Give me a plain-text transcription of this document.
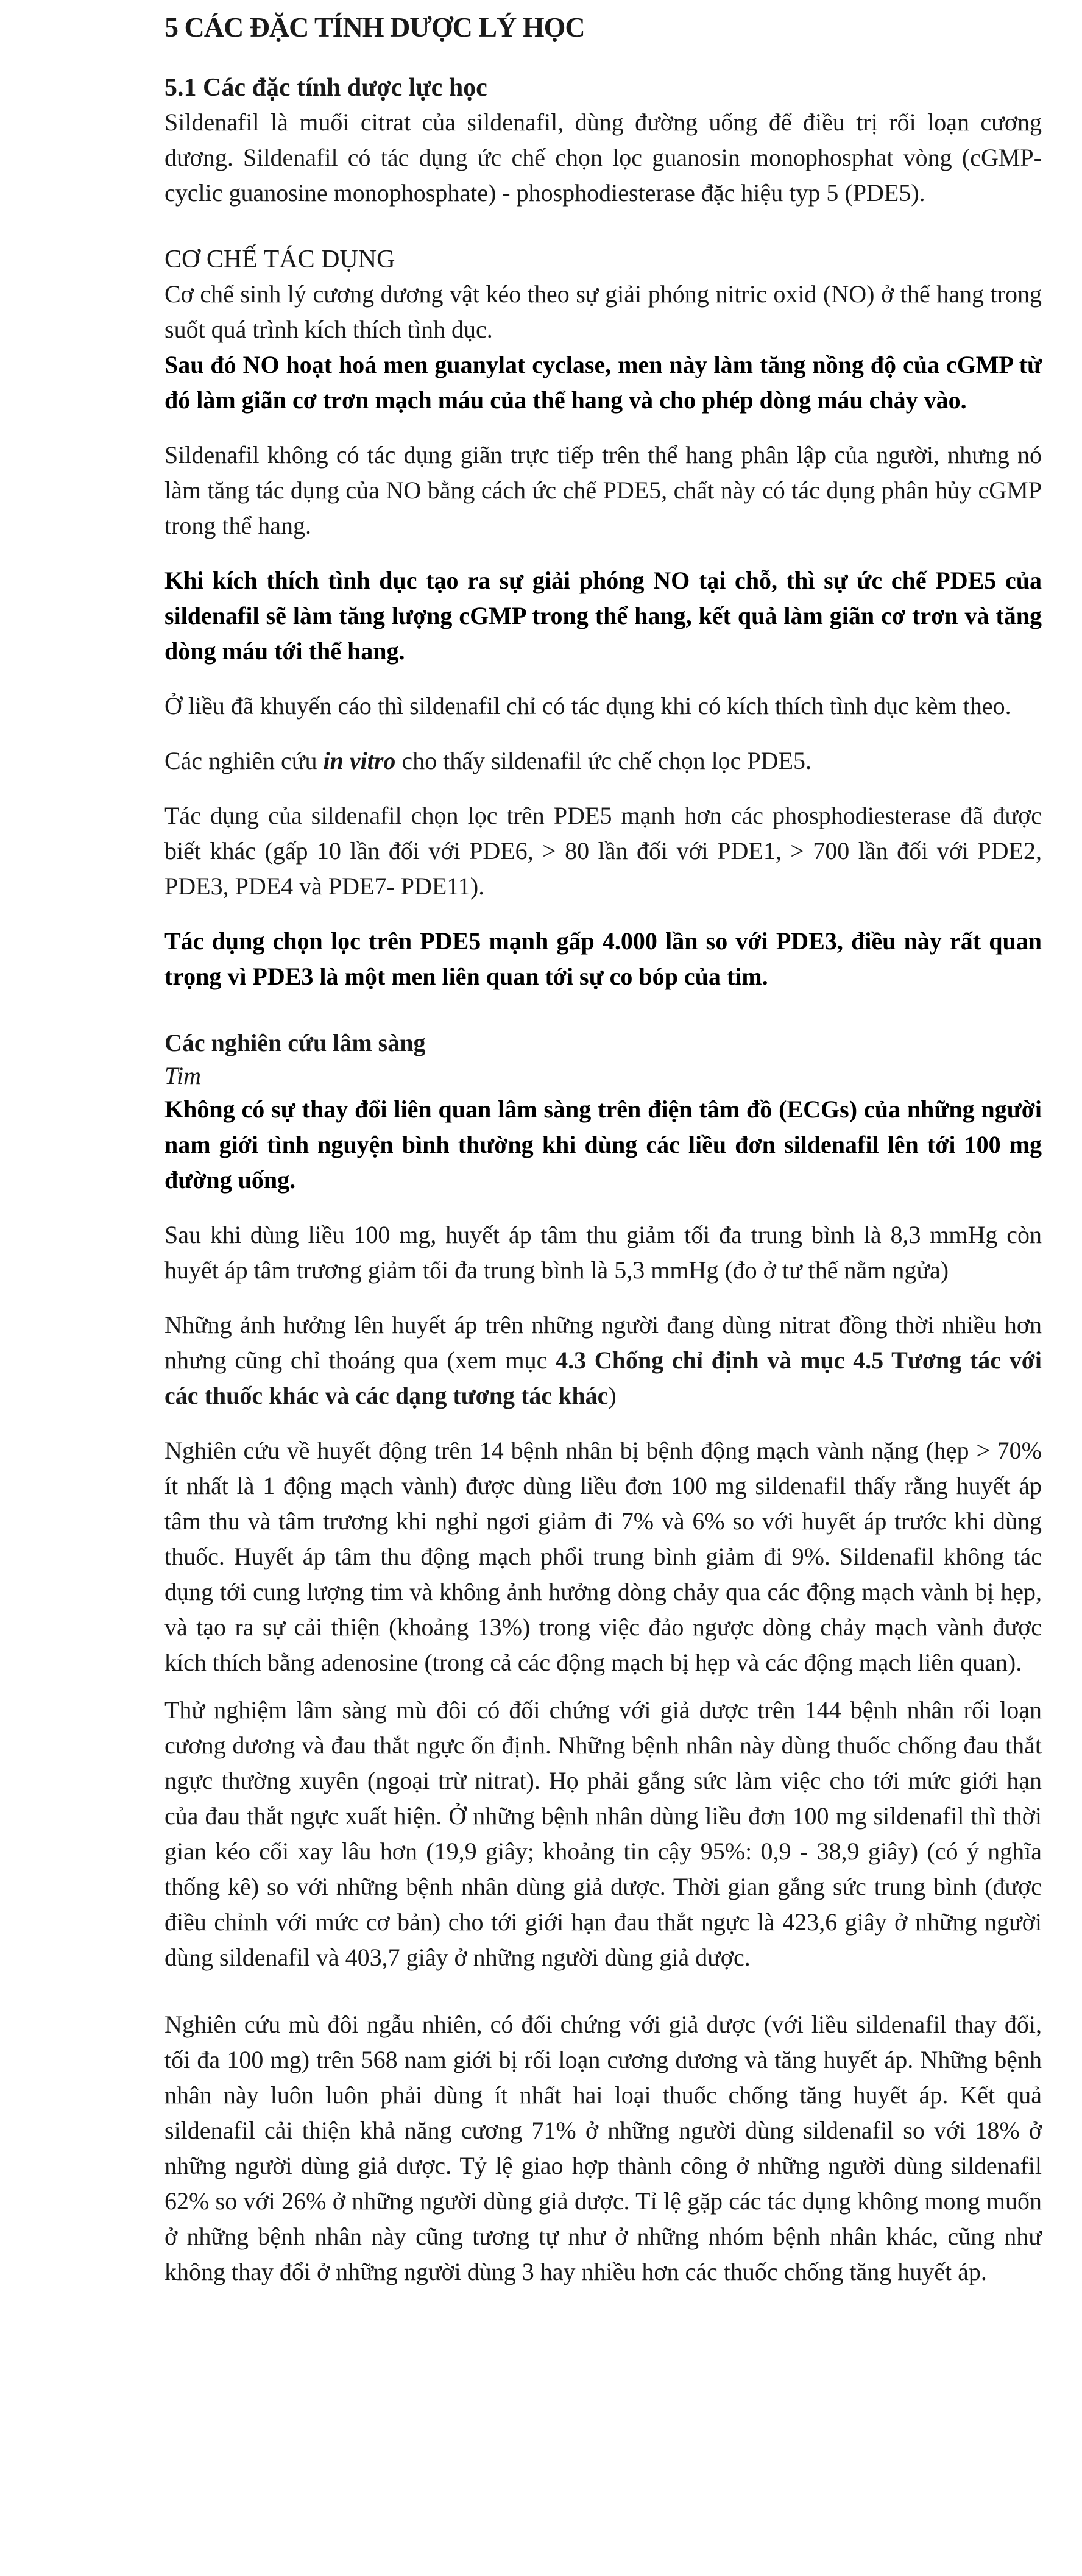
5 CÁC ĐẶC TÍNH DƯỢC LÝ HỌC
5.1 Các đặc tính dược lực học

Sildenafil là muối citrat của sildenafil, dùng đường uống để điều trị rối loạn cương dương. Sildenafil có tác dụng ức chế chọn lọc guanosin monophosphat vòng (cGMP- cyclic guanosine monophosphate) - phosphodiesterase đặc hiệu typ 5 (PDE5).

CƠ CHẾ TÁC DỤNG

Cơ chế sinh lý cương dương vật kéo theo sự giải phóng nitric oxid (NO) ở thể hang trong suốt quá trình kích thích tình dục.

Sau đó NO hoạt hoá men guanylat cyclase, men này làm tăng nồng độ của cGMP từ đó làm giãn cơ trơn mạch máu của thể hang và cho phép dòng máu chảy vào.

Sildenafil không có tác dụng giãn trực tiếp trên thể hang phân lập của người, nhưng nó làm tăng tác dụng của NO bằng cách ức chế PDE5, chất này có tác dụng phân hủy cGMP trong thể hang.

Khi kích thích tình dục tạo ra sự giải phóng NO tại chỗ, thì sự ức chế PDE5 của sildenafil sẽ làm tăng lượng cGMP trong thể hang, kết quả làm giãn cơ trơn và tăng dòng máu tới thể hang.

Ở liều đã khuyến cáo thì sildenafil chỉ có tác dụng khi có kích thích tình dục kèm theo.

Các nghiên cứu in vitro cho thấy sildenafil ức chế chọn lọc PDE5.

Tác dụng của sildenafil chọn lọc trên PDE5 mạnh hơn các phosphodiesterase đã được biết khác (gấp 10 lần đối với PDE6, > 80 lần đối với PDE1, > 700 lần đối với PDE2, PDE3, PDE4 và PDE7- PDE11).

Tác dụng chọn lọc trên PDE5 mạnh gấp 4.000 lần so với PDE3, điều này rất quan trọng vì PDE3 là một men liên quan tới sự co bóp của tim.

Các nghiên cứu lâm sàng
Tim

Không có sự thay đổi liên quan lâm sàng trên điện tâm đồ (ECGs) của những người nam giới tình nguyện bình thường khi dùng các liều đơn sildenafil lên tới 100 mg đường uống.

Sau khi dùng liều 100 mg, huyết áp tâm thu giảm tối đa trung bình là 8,3 mmHg còn huyết áp tâm trương giảm tối đa trung bình là 5,3 mmHg (đo ở tư thế nằm ngửa)

Những ảnh hưởng lên huyết áp trên những người đang dùng nitrat đồng thời nhiều hơn nhưng cũng chỉ thoáng qua (xem mục 4.3 Chống chỉ định và mục 4.5 Tương tác với các thuốc khác và các dạng tương tác khác)

Nghiên cứu về huyết động trên 14 bệnh nhân bị bệnh động mạch vành nặng (hẹp > 70% ít nhất là 1 động mạch vành) được dùng liều đơn 100 mg sildenafil thấy rằng huyết áp tâm thu và tâm trương khi nghỉ ngơi giảm đi 7% và 6% so với huyết áp trước khi dùng thuốc. Huyết áp tâm thu động mạch phổi trung bình giảm đi 9%. Sildenafil không tác dụng tới cung lượng tim và không ảnh hưởng dòng chảy qua các động mạch vành bị hẹp, và tạo ra sự cải thiện (khoảng 13%) trong việc đảo ngược dòng chảy mạch vành được kích thích bằng adenosine (trong cả các động mạch bị hẹp và các động mạch liên quan).

Thử nghiệm lâm sàng mù đôi có đối chứng với giả dược trên 144 bệnh nhân rối loạn cương dương và đau thắt ngực ổn định. Những bệnh nhân này dùng thuốc chống đau thắt ngực thường xuyên (ngoại trừ nitrat). Họ phải gắng sức làm việc cho tới mức giới hạn của đau thắt ngực xuất hiện. Ở những bệnh nhân dùng liều đơn 100 mg sildenafil thì thời gian kéo cối xay lâu hơn (19,9 giây; khoảng tin cậy 95%: 0,9 - 38,9 giây) (có ý nghĩa thống kê) so với những bệnh nhân dùng giả dược. Thời gian gắng sức trung bình (được điều chỉnh với mức cơ bản) cho tới giới hạn đau thắt ngực là 423,6 giây ở những người dùng sildenafil và 403,7 giây ở những người dùng giả dược.

Nghiên cứu mù đôi ngẫu nhiên, có đối chứng với giả dược (với liều sildenafil thay đổi, tối đa 100 mg) trên 568 nam giới bị rối loạn cương dương và tăng huyết áp. Những bệnh nhân này luôn luôn phải dùng ít nhất hai loại thuốc chống tăng huyết áp. Kết quả sildenafil cải thiện khả năng cương 71% ở những người dùng sildenafil so với 18% ở những người dùng giả dược. Tỷ lệ giao hợp thành công ở những người dùng sildenafil 62% so với 26% ở những người dùng giả dược. Tỉ lệ gặp các tác dụng không mong muốn ở những bệnh nhân này cũng tương tự như ở những nhóm bệnh nhân khác, cũng như không thay đổi ở những người dùng 3 hay nhiều hơn các thuốc chống tăng huyết áp.
